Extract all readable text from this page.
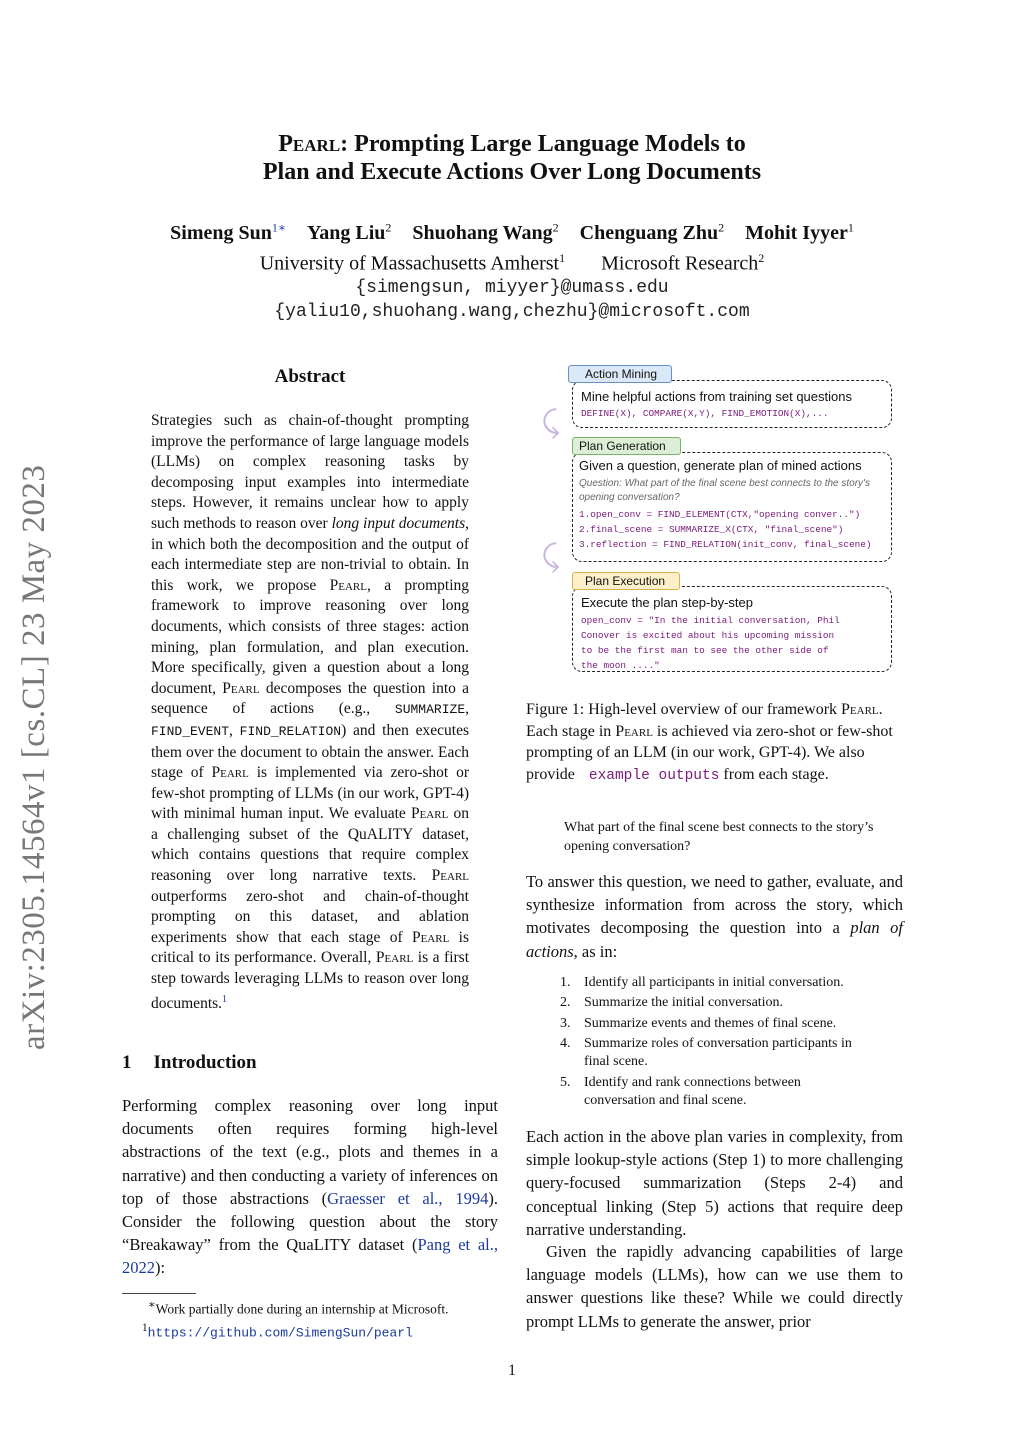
arXiv:2305.14564v1 [cs.CL] 23 May 2023
Pearl: Prompting Large Language Models to
Plan and Execute Actions Over Long Documents
Simeng Sun$^{1∗}$ Yang Liu$^2$ Shuohang Wang$^2$ Chenguang Zhu$^2$ Mohit Iyyer$^1$
University of Massachusetts Amherst$^1$ Microsoft Research$^2$
{simengsun, miyyer}@umass.edu
{yaliu10,shuohang.wang,chezhu}@microsoft.com
Abstract
Strategies such as chain-of-thought prompting improve the performance of large language models (LLMs) on complex reasoning tasks by decomposing input examples into intermediate steps. However, it remains unclear how to apply such methods to reason over long input documents, in which both the decomposition and the output of each intermediate step are non-trivial to obtain. In this work, we propose Pearl, a prompting framework to improve reasoning over long documents, which consists of three stages: action mining, plan formulation, and plan execution. More specifically, given a question about a long document, Pearl decomposes the question into a sequence of actions (e.g., SUMMARIZE, FIND_EVENT, FIND_RELATION) and then executes them over the document to obtain the answer. Each stage of Pearl is implemented via zero-shot or few-shot prompting of LLMs (in our work, GPT-4) with minimal human input. We evaluate Pearl on a challenging subset of the QuALITY dataset, which contains questions that require complex reasoning over long narrative texts. Pearl outperforms zero-shot and chain-of-thought prompting on this dataset, and ablation experiments show that each stage of Pearl is critical to its performance. Overall, Pearl is a first step towards leveraging LLMs to reason over long documents.$^1$
1 Introduction
Performing complex reasoning over long input documents often requires forming high-level abstractions of the text (e.g., plots and themes in a narrative) and then conducting a variety of inferences on top of those abstractions (Graesser et al., 1994). Consider the following question about the story “Breakaway” from the QuaLITY dataset (Pang et al., 2022):
∗Work partially done during an internship at Microsoft.
$^1$https://github.com/SimengSun/pearl
Mine helpful actions from training set questions
DEFINE(X), COMPARE(X,Y), FIND_EMOTION(X),...
Action Mining
⤹
Given a question, generate plan of mined actions
Question: What part of the final scene best connects to the story's opening conversation?
1.open_conv = FIND_ELEMENT(CTX,"opening conver..")
2.final_scene = SUMMARIZE_X(CTX, "final_scene")
3.reflection = FIND_RELATION(init_conv, final_scene)
Plan Generation
⤹
Execute the plan step-by-step
open_conv = "In the initial conversation, Phil
Conover is excited about his upcoming mission
to be the first man to see the other side of
the moon ...."
Plan Execution
Figure 1: High-level overview of our framework Pearl. Each stage in Pearl is achieved via zero-shot or few-shot prompting of an LLM (in our work, GPT-4). We also provide example outputs from each stage.
What part of the final scene best connects to the story’s opening conversation?
To answer this question, we need to gather, evaluate, and synthesize information from across the story, which motivates decomposing the question into a plan of actions, as in:
1. Identify all participants in initial conversation.
2. Summarize the initial conversation.
3. Summarize events and themes of final scene.
4. Summarize roles of conversation participants in final scene.
5. Identify and rank connections between conversation and final scene.
Each action in the above plan varies in complexity, from simple lookup-style actions (Step 1) to more challenging query-focused summarization (Steps 2-4) and conceptual linking (Step 5) actions that require deep narrative understanding.
Given the rapidly advancing capabilities of large language models (LLMs), how can we use them to answer questions like these? While we could directly prompt LLMs to generate the answer, prior
1
